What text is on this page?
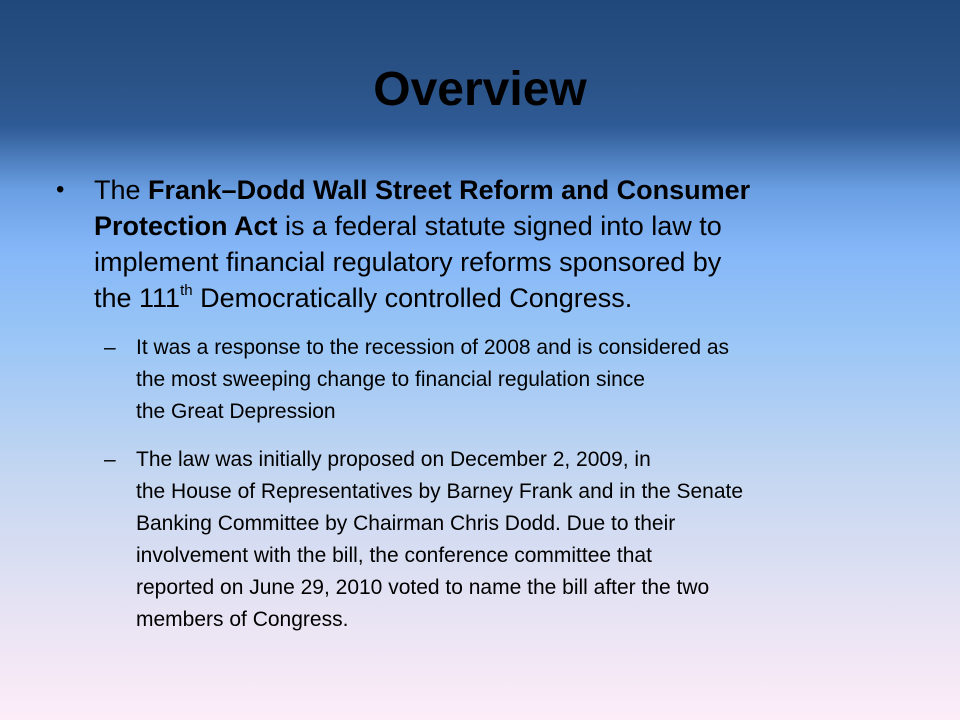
Overview
• The Frank–Dodd Wall Street Reform and Consumer
Protection Act is a federal statute signed into law to
implement financial regulatory reforms sponsored by
the 111th Democratically controlled Congress.
– It was a response to the recession of 2008 and is considered as
the most sweeping change to financial regulation since
the Great Depression
– The law was initially proposed on December 2, 2009, in
the House of Representatives by Barney Frank and in the Senate
Banking Committee by Chairman Chris Dodd. Due to their
involvement with the bill, the conference committee that
reported on June 29, 2010 voted to name the bill after the two
members of Congress.
